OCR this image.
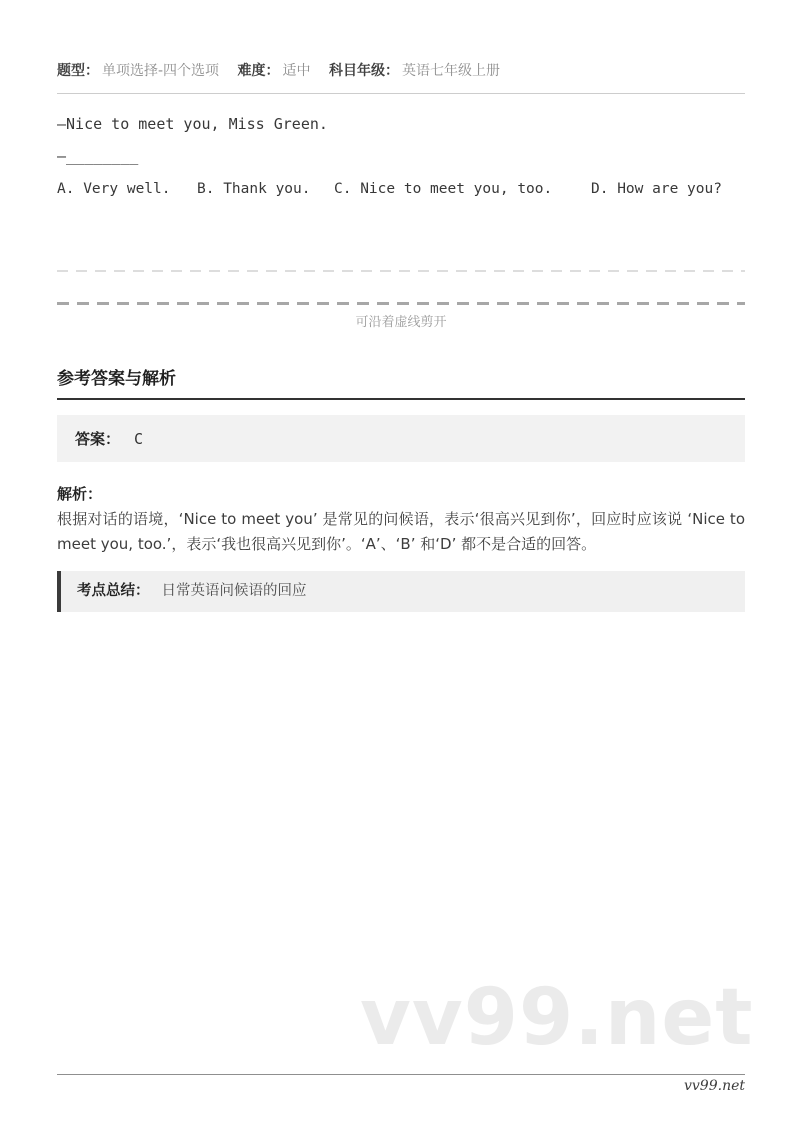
题型： 单项选择-四个选项 难度： 适中 科目年级： 英语七年级上册
—Nice to meet you, Miss Green.
—________
A. Very well. B. Thank you. C. Nice to meet you, too.	D. How are you?
可沿着虚线剪开
参考答案与解析
答案： C
解析：

根据对话的语境，‘Nice to meet you’ 是常见的问候语，表示‘很高兴见到你’，回应时应该说 ‘Nice to meet you, too.’，表示‘我也很高兴见到你’。‘A’、‘B’ 和‘D’ 都不是合适的回答。

考点总结： 日常英语问候语的回应
vv99.net
vv99.net
